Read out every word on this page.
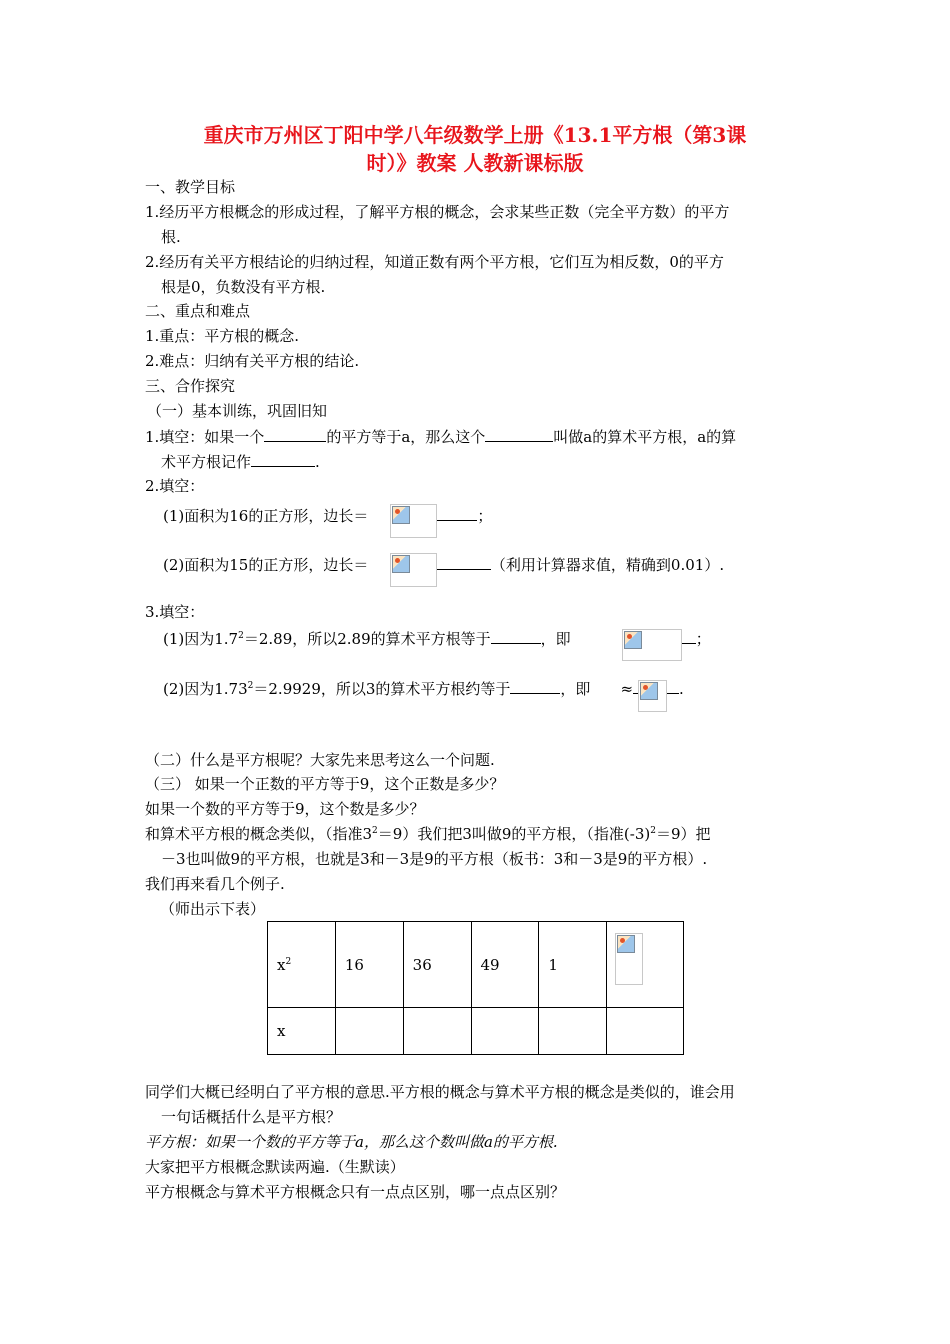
重庆市万州区丁阳中学八年级数学上册《13.1平方根（第3课
时）》教案 人教新课标版
一、教学目标
1.经历平方根概念的形成过程，了解平方根的概念，会求某些正数（完全平方数）的平方
根.
2.经历有关平方根结论的归纳过程，知道正数有两个平方根，它们互为相反数，0的平方
根是0，负数没有平方根.
二、重点和难点
1.重点：平方根的概念.
2.难点：归纳有关平方根的结论.
三、合作探究
（一）基本训练，巩固旧知
1.填空：如果一个	的平方等于a，那么这个	叫做a的算术平方根，a的算
术平方根记作	.
2.填空：
(1)面积为16的正方形，边长＝	；
(2)面积为15的正方形，边长＝	（利用计算器求值，精确到0.01）.
3.填空：
(1)因为$1.7^2=2.89$，所以2.89的算术平方根等于	，即	；
(2)因为$1.73^2=2.9929$，所以3的算术平方根约等于	，即 ≈	.
（二）什么是平方根呢？大家先来思考这么一个问题.
（三） 如果一个正数的平方等于9，这个正数是多少？
如果一个数的平方等于9，这个数是多少？
和算术平方根的概念类似，（指准$3^2=9$）我们把3叫做9的平方根，（指准$(-3)^2=9$）把
－3也叫做9的平方根，也就是3和－3是9的平方根（板书：3和－3是9的平方根）.
我们再来看几个例子.
（师出示下表）
$x^2$	16	36	49	1	

x					
同学们大概已经明白了平方根的意思.平方根的概念与算术平方根的概念是类似的，谁会用
一句话概括什么是平方根？
平方根：如果一个数的平方等于a，那么这个数叫做a的平方根.
大家把平方根概念默读两遍.（生默读）
平方根概念与算术平方根概念只有一点点区别，哪一点点区别？
